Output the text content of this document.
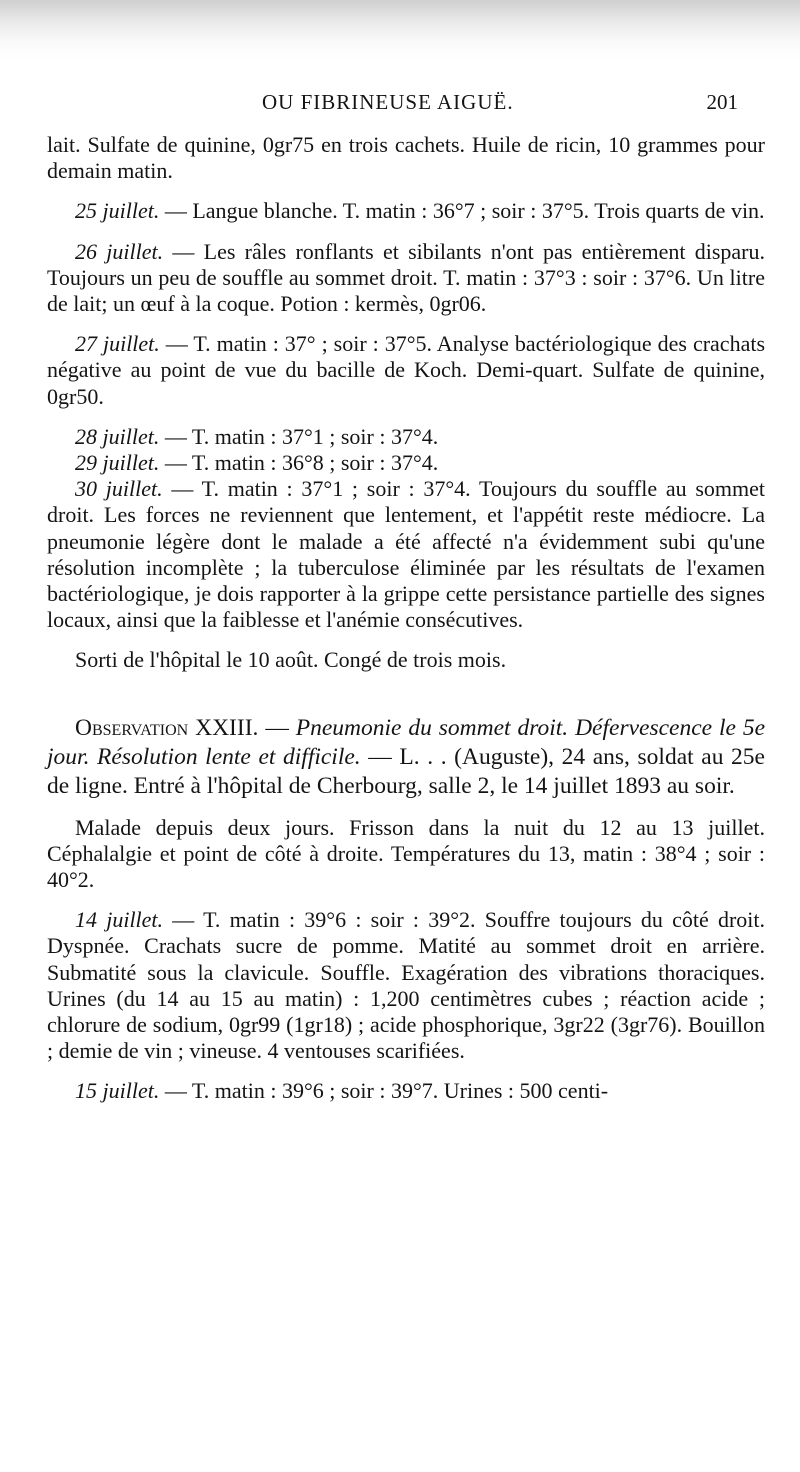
OU FIBRINEUSE AIGUË.	201

lait. Sulfate de quinine, 0gr75 en trois cachets. Huile de ricin, 10 grammes pour demain matin.

25 juillet. — Langue blanche. T. matin : 36°7 ; soir : 37°5. Trois quarts de vin.

26 juillet. — Les râles ronflants et sibilants n'ont pas entièrement disparu. Toujours un peu de souffle au sommet droit. T. matin : 37°3 : soir : 37°6. Un litre de lait; un œuf à la coque. Potion : kermès, 0gr06.

27 juillet. — T. matin : 37° ; soir : 37°5. Analyse bactériologique des crachats négative au point de vue du bacille de Koch. Demi-quart. Sulfate de quinine, 0gr50.

28 juillet. — T. matin : 37°1 ; soir : 37°4.

29 juillet. — T. matin : 36°8 ; soir : 37°4.

30 juillet. — T. matin : 37°1 ; soir : 37°4. Toujours du souffle au sommet droit. Les forces ne reviennent que lentement, et l'appétit reste médiocre. La pneumonie légère dont le malade a été affecté n'a évidemment subi qu'une résolution incomplète ; la tuberculose éliminée par les résultats de l'examen bactériologique, je dois rapporter à la grippe cette persistance partielle des signes locaux, ainsi que la faiblesse et l'anémie consécutives.

Sorti de l'hôpital le 10 août. Congé de trois mois.

Observation XXIII. — Pneumonie du sommet droit. Défervescence le 5e jour. Résolution lente et difficile. — L. . . (Auguste), 24 ans, soldat au 25e de ligne. Entré à l'hôpital de Cherbourg, salle 2, le 14 juillet 1893 au soir.

Malade depuis deux jours. Frisson dans la nuit du 12 au 13 juillet. Céphalalgie et point de côté à droite. Températures du 13, matin : 38°4 ; soir : 40°2.

14 juillet. — T. matin : 39°6 : soir : 39°2. Souffre toujours du côté droit. Dyspnée. Crachats sucre de pomme. Matité au sommet droit en arrière. Submatité sous la clavicule. Souffle. Exagération des vibrations thoraciques. Urines (du 14 au 15 au matin) : 1,200 centimètres cubes ; réaction acide ; chlorure de sodium, 0gr99 (1gr18) ; acide phosphorique, 3gr22 (3gr76). Bouillon ; demie de vin ; vineuse. 4 ventouses scarifiées.

15 juillet. — T. matin : 39°6 ; soir : 39°7. Urines : 500 centi-
